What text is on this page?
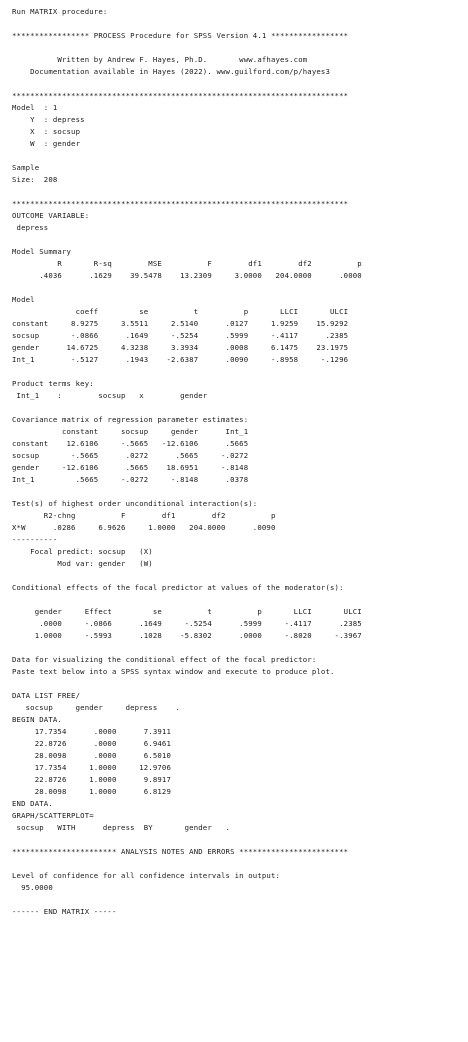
Run MATRIX procedure:

***************** PROCESS Procedure for SPSS Version 4.1 *****************

Written by Andrew F. Hayes, Ph.D.       www.afhayes.com
Documentation available in Hayes (2022). www.guilford.com/p/hayes3

**************************************************************************
Model  : 1
Y  : depress
X  : socsup
W  : gender

Sample
Size:  208

**************************************************************************
OUTCOME VARIABLE:
depress

Model Summary
R       R-sq        MSE          F        df1        df2          p
.4036      .1629    39.5478    13.2309     3.0000   204.0000      .0000

Model
coeff         se          t          p       LLCI       ULCI
constant     8.9275     3.5511     2.5140      .0127     1.9259    15.9292
socsup       -.0866      .1649     -.5254      .5999     -.4117      .2385
gender      14.6725     4.3238     3.3934      .0008     6.1475    23.1975
Int_1        -.5127      .1943    -2.6387      .0090     -.8958     -.1296

Product terms key:
Int_1    :        socsup   x        gender

Covariance matrix of regression parameter estimates:
constant     socsup     gender      Int_1
constant    12.6106     -.5665   -12.6106      .5665
socsup       -.5665      .0272      .5665     -.0272
gender     -12.6106      .5665    18.6951     -.8148
Int_1         .5665     -.0272     -.8148      .0378

Test(s) of highest order unconditional interaction(s):
R2-chng          F        df1        df2          p
X*W      .0286     6.9626     1.0000   204.0000      .0090
----------
Focal predict: socsup   (X)
Mod var: gender   (W)

Conditional effects of the focal predictor at values of the moderator(s):

gender     Effect         se          t          p       LLCI       ULCI
.0000     -.0866      .1649     -.5254      .5999     -.4117      .2385
1.0000     -.5993      .1028    -5.8302      .0000     -.8020     -.3967

Data for visualizing the conditional effect of the focal predictor:
Paste text below into a SPSS syntax window and execute to produce plot.

DATA LIST FREE/
socsup     gender     depress    .
BEGIN DATA.
17.7354      .0000      7.3911
22.8726      .0000      6.9461
28.0098      .0000      6.5010
17.7354     1.0000     12.9706
22.8726     1.0000      9.8917
28.0098     1.0000      6.8129
END DATA.
GRAPH/SCATTERPLOT=
socsup   WITH      depress  BY       gender   .

*********************** ANALYSIS NOTES AND ERRORS ************************

Level of confidence for all confidence intervals in output:
95.0000

------ END MATRIX -----
